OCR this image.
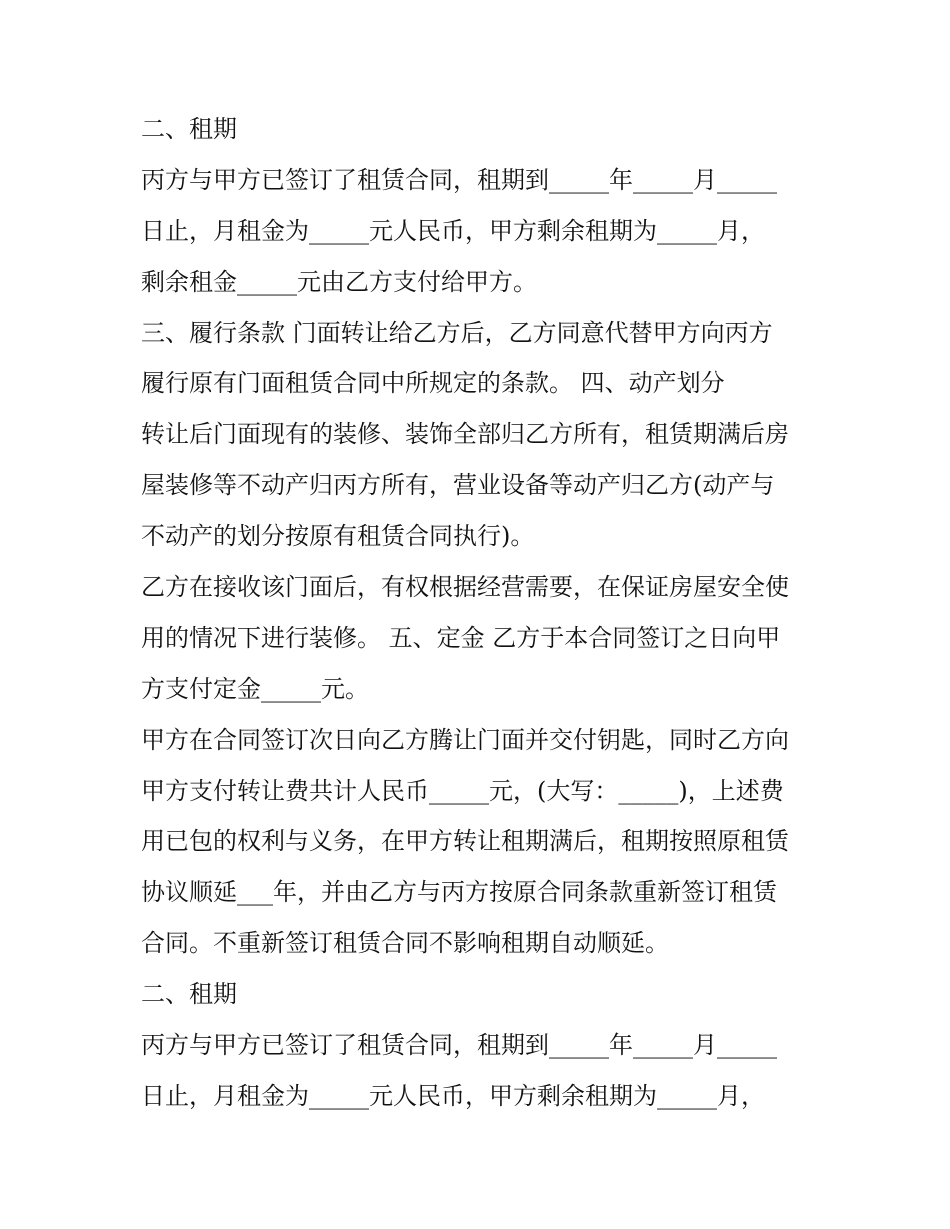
二、租期

丙方与甲方已签订了租赁合同，租期到_____年_____月_____

日止，月租金为_____元人民币，甲方剩余租期为_____月，

剩余租金_____元由乙方支付给甲方。

三、履行条款 门面转让给乙方后，乙方同意代替甲方向丙方

履行原有门面租赁合同中所规定的条款。 四、动产划分

转让后门面现有的装修、装饰全部归乙方所有，租赁期满后房

屋装修等不动产归丙方所有，营业设备等动产归乙方(动产与

不动产的划分按原有租赁合同执行)。

乙方在接收该门面后，有权根据经营需要，在保证房屋安全使

用的情况下进行装修。 五、定金 乙方于本合同签订之日向甲

方支付定金_____元。

甲方在合同签订次日向乙方腾让门面并交付钥匙，同时乙方向

甲方支付转让费共计人民币_____元，(大写：_____)，上述费

用已包的权利与义务，在甲方转让租期满后，租期按照原租赁

协议顺延___年，并由乙方与丙方按原合同条款重新签订租赁

合同。不重新签订租赁合同不影响租期自动顺延。

二、租期

丙方与甲方已签订了租赁合同，租期到_____年_____月_____

日止，月租金为_____元人民币，甲方剩余租期为_____月，
